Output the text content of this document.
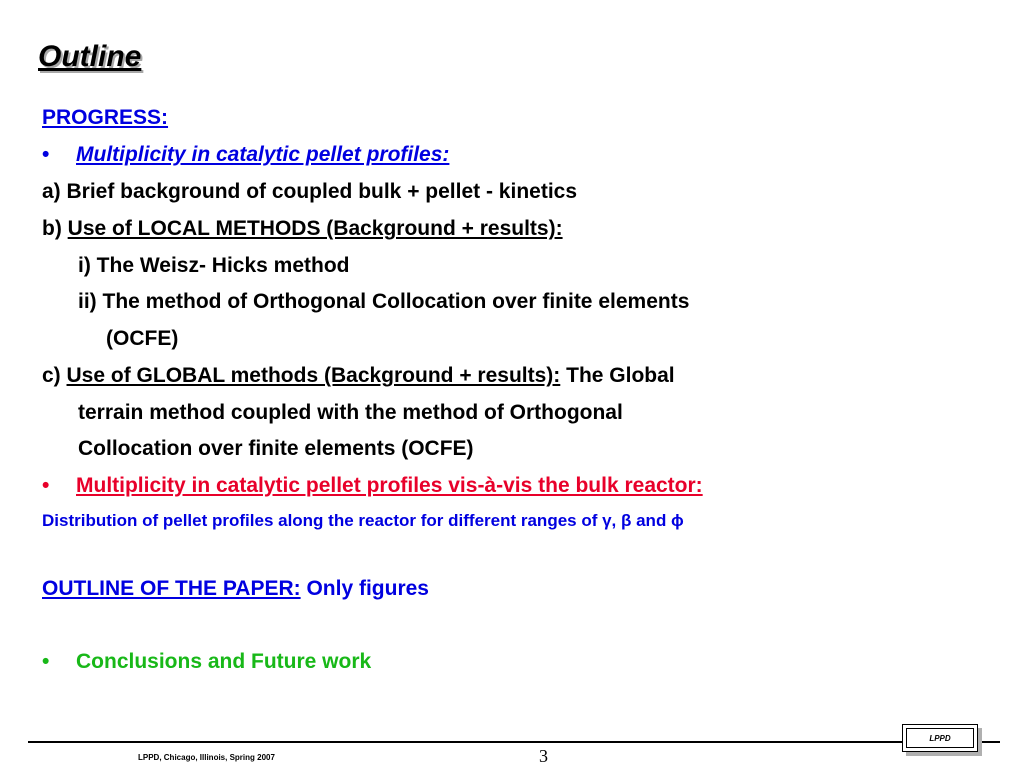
Outline
PROGRESS:
• Multiplicity in catalytic pellet profiles:
a) Brief background of coupled bulk + pellet - kinetics
b) Use of LOCAL METHODS (Background + results):
i) The Weisz- Hicks method
ii) The method of Orthogonal Collocation over finite elements
(OCFE)
c) Use of GLOBAL methods (Background + results): The Global
terrain method coupled with the method of Orthogonal
Collocation over finite elements (OCFE)
• Multiplicity in catalytic pellet profiles vis-à-vis the bulk reactor:
Distribution of pellet profiles along the reactor for different ranges of γ, β and ϕ
OUTLINE OF THE PAPER: Only figures
• Conclusions and Future work
LPPD, Chicago, Illinois, Spring 2007	3
LPPD
